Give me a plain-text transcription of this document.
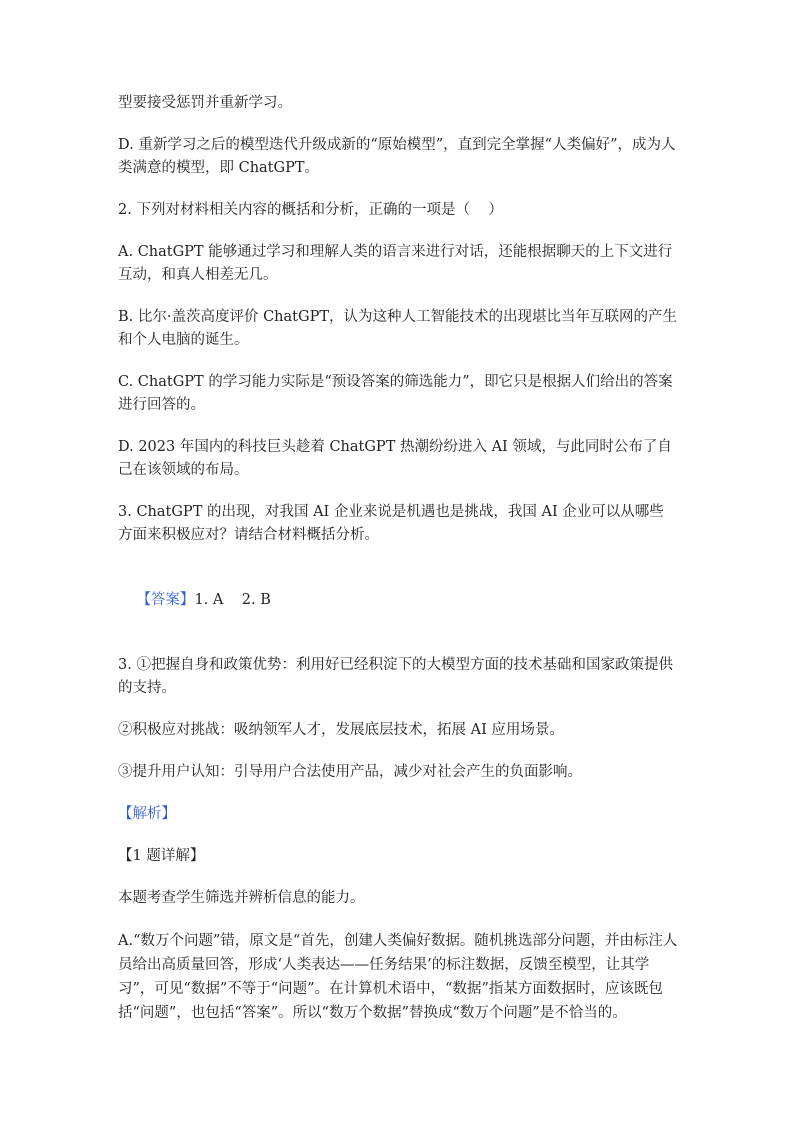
型要接受惩罚并重新学习。

D. 重新学习之后的模型迭代升级成新的“原始模型”，直到完全掌握“人类偏好”，成为人类满意的模型，即 ChatGPT。

2. 下列对材料相关内容的概括和分析，正确的一项是（    ）

A. ChatGPT 能够通过学习和理解人类的语言来进行对话，还能根据聊天的上下文进行互动，和真人相差无几。

B. 比尔·盖茨高度评价 ChatGPT，认为这种人工智能技术的出现堪比当年互联网的产生和个人电脑的诞生。

C. ChatGPT 的学习能力实际是“预设答案的筛选能力”，即它只是根据人们给出的答案进行回答的。

D. 2023 年国内的科技巨头趁着 ChatGPT 热潮纷纷进入 AI 领域，与此同时公布了自己在该领域的布局。

3. ChatGPT 的出现，对我国 AI 企业来说是机遇也是挑战，我国 AI 企业可以从哪些方面来积极应对？请结合材料概括分析。

【答案】1. A    2. B

3. ①把握自身和政策优势：利用好已经积淀下的大模型方面的技术基础和国家政策提供的支持。

②积极应对挑战：吸纳领军人才，发展底层技术，拓展 AI 应用场景。

③提升用户认知：引导用户合法使用产品，减少对社会产生的负面影响。

【解析】

【1 题详解】

本题考查学生筛选并辨析信息的能力。

A.“数万个问题”错，原文是“首先，创建人类偏好数据。随机挑选部分问题，并由标注人员给出高质量回答，形成‘人类表达——任务结果’的标注数据，反馈至模型，让其学习”，可见“数据”不等于“问题”。在计算机术语中，“数据”指某方面数据时，应该既包括“问题”，也包括“答案”。所以“数万个数据”替换成“数万个问题”是不恰当的。
